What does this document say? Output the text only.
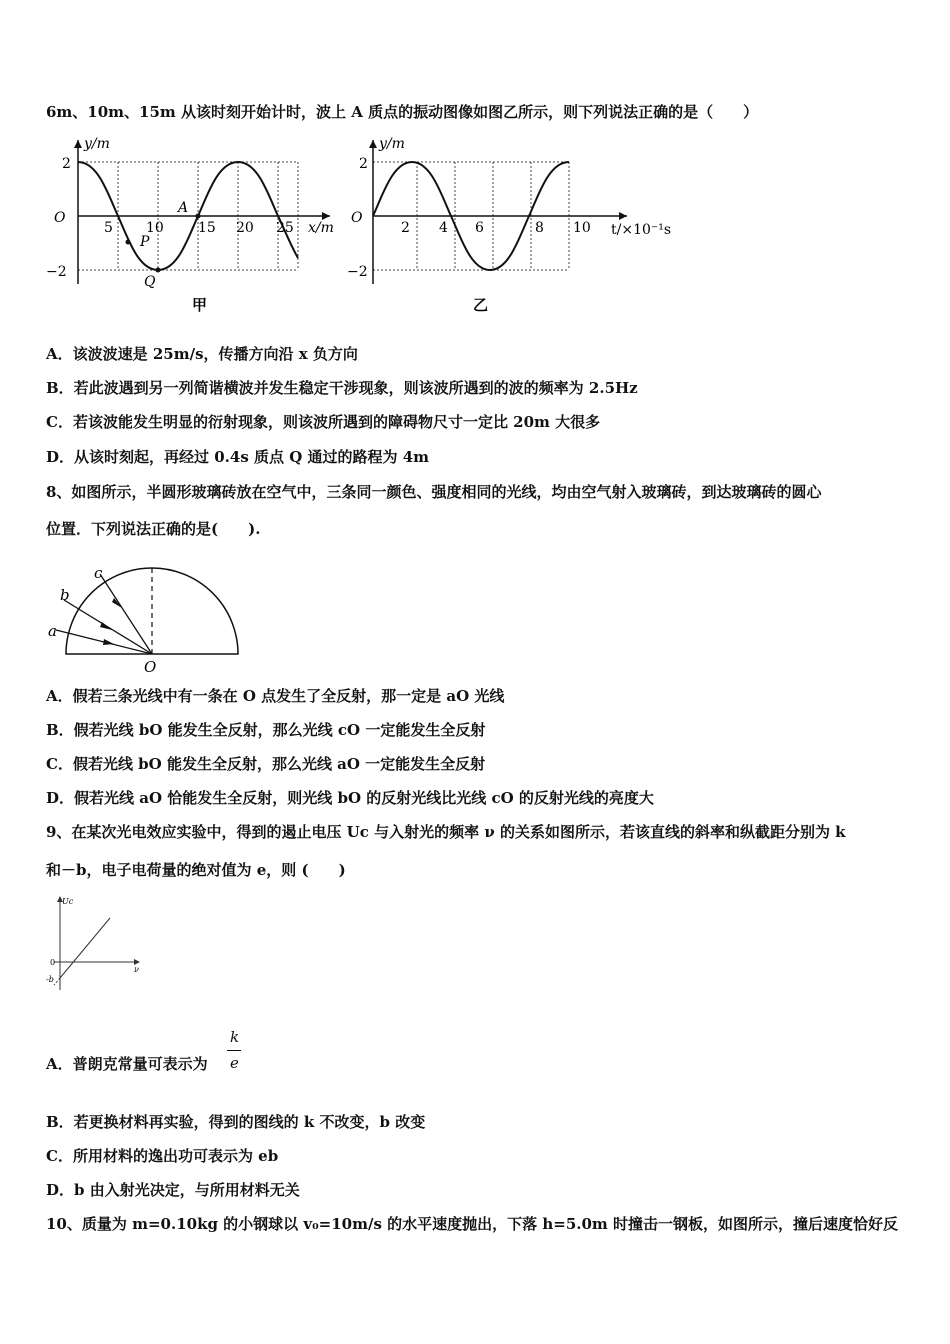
6m、10m、15m 从该时刻开始计时，波上 A 质点的振动图像如图乙所示，则下列说法正确的是（　　）
y/m
2
O
−2
5 10 15 20 25 x/m
A
P
Q
甲
y/m
2
O
−2
2 4 6	8 10 t/×10⁻¹s
乙
A．该波波速是 25m/s，传播方向沿 x 负方向
B．若此波遇到另一列简谐横波并发生稳定干涉现象，则该波所遇到的波的频率为 2.5Hz
C．若该波能发生明显的衍射现象，则该波所遇到的障碍物尺寸一定比 20m 大很多
D．从该时刻起，再经过 0.4s 质点 Q 通过的路程为 4m
8、如图所示，半圆形玻璃砖放在空气中，三条同一颜色、强度相同的光线，均由空气射入玻璃砖，到达玻璃砖的圆心
位置．下列说法正确的是(　　).
a
b
c
O
A．假若三条光线中有一条在 O 点发生了全反射，那一定是 aO 光线
B．假若光线 bO 能发生全反射，那么光线 cO 一定能发生全反射
C．假若光线 bO 能发生全反射，那么光线 aO 一定能发生全反射
D．假若光线 aO 恰能发生全反射，则光线 bO 的反射光线比光线 cO 的反射光线的亮度大
9、在某次光电效应实验中，得到的遏止电压 Uc 与入射光的频率 ν 的关系如图所示，若该直线的斜率和纵截距分别为 k
和－b，电子电荷量的绝对值为 e，则 (　　)
Uc
0
-b
ν
A．普朗克常量可表示为
k
e
B．若更换材料再实验，得到的图线的 k 不改变，b 改变
C．所用材料的逸出功可表示为 eb
D．b 由入射光决定，与所用材料无关
10、质量为 m=0.10kg 的小钢球以 v₀=10m/s 的水平速度抛出，下落 h=5.0m 时撞击一钢板，如图所示，撞后速度恰好反
